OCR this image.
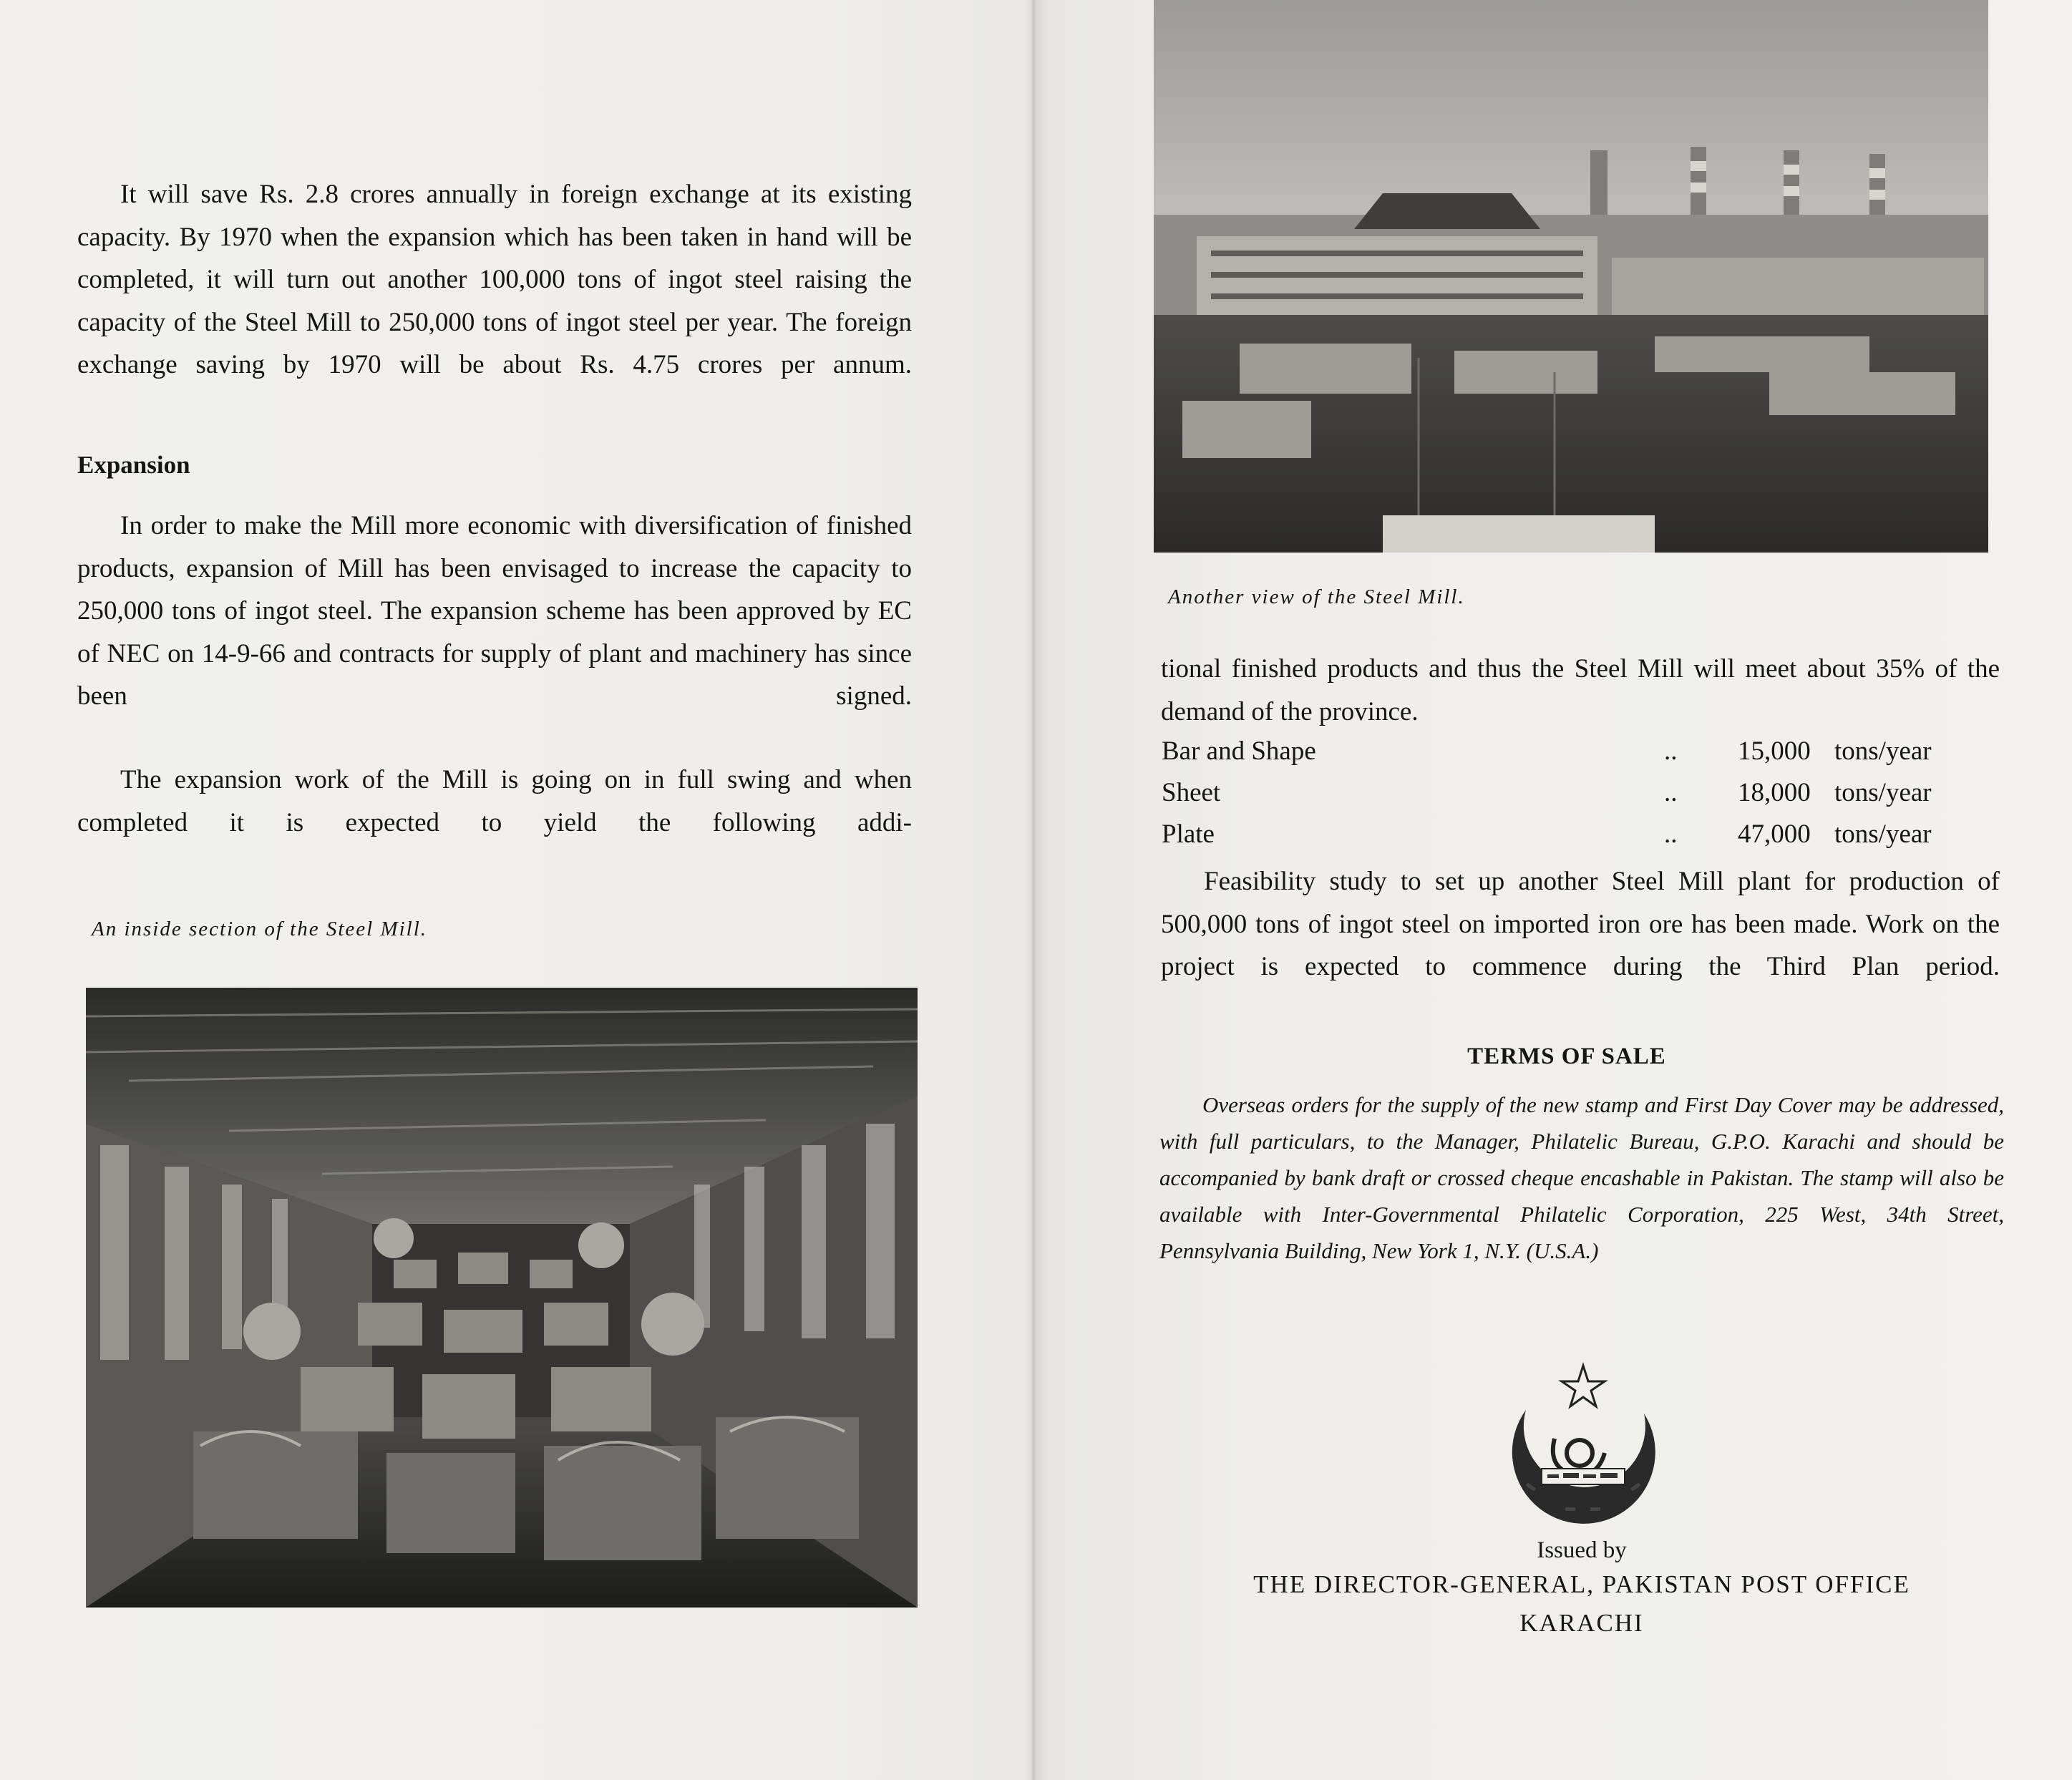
It will save Rs. 2.8 crores annually in foreign exchange at its existing capacity. By 1970 when the expansion which has been taken in hand will be completed, it will turn out another 100,000 tons of ingot steel raising the capacity of the Steel Mill to 250,000 tons of ingot steel per year. The foreign exchange saving by 1970 will be about Rs. 4.75 crores per annum.

Expansion

In order to make the Mill more economic with diversification of finished products, expansion of Mill has been envisaged to increase the capacity to 250,000 tons of ingot steel. The expansion scheme has been approved by EC of NEC on 14-9-66 and contracts for supply of plant and machinery has since been signed.

The expansion work of the Mill is going on in full swing and when completed it is expected to yield the following addi-

An inside section of the Steel Mill.
Another view of the Steel Mill.

tional finished products and thus the Steel Mill will meet about 35% of the demand of the province.

Bar and Shape	.. 15,000 tons/year
Sheet	.. 18,000 tons/year
Plate	.. 47,000 tons/year

Feasibility study to set up another Steel Mill plant for production of 500,000 tons of ingot steel on imported iron ore has been made. Work on the project is expected to commence during the Third Plan period.

TERMS OF SALE

Overseas orders for the supply of the new stamp and First Day Cover may be addressed, with full particulars, to the Manager, Philatelic Bureau, G.P.O. Karachi and should be accompanied by bank draft or crossed cheque encashable in Pakistan. The stamp will also be available with Inter-Governmental Philatelic Corporation, 225 West, 34th Street, Pennsylvania Building, New York 1, N.Y. (U.S.A.)

Issued by
THE DIRECTOR-GENERAL, PAKISTAN POST OFFICE
KARACHI
